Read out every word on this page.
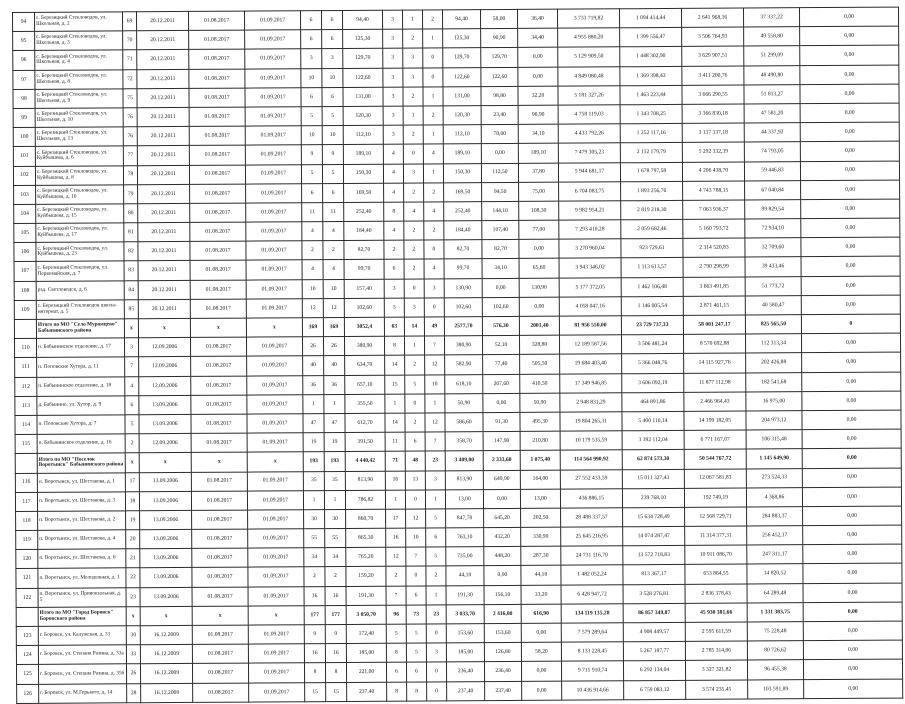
94	с. Березицкий Стекловодов, ул. Школьная, д. 2	69	20.12.2011	01.08.2017	01.09.2017	6	6	94,40	3	1	2	94,40	58,00	36,40	3 733 719,82	1 094 414,44	2 641 968,16	37 337,22	0,00
95	с. Березицкий Стекловодов, ул. Школьная, д. 3	70	20.12.2011	01.08.2017	01.09.2017	6	6	125,30	3	2	1	125,30	90,90	34,40	4 955 880,20	1 399 556,47	3 506 764,93	49 558,80	0,00
96	с. Березицкий Стекловодов, ул. Школьная, д. 4	71	20.12.2011	01.08.2017	01.09.2017	3	3	129,70	3	3	0	129,70	129,70	0,00	5 129 909,50	1 448 302,90	3 629 907,51	51 299,09	0,00
97	с. Березицкий Стекловодов, ул. Школьная, д. 8	72	20.12.2011	01.08.2017	01.09.2017	10	10	122,60	3	3	0	122,60	122,60	0,00	4 849 080,48	1 369 398,43	3 411 200,76	48 490,80	0,00
98	с. Березицкий Стекловодов, ул. Школьная, д. 9	75	20.12.2011	01.08.2017	01.09.2017	6	6	131,00	3	2	1	131,00	98,80	32,20	5 181 327,26	1 463 223,44	3 666 290,55	51 813,27	0,00
99	с. Березицкий Стекловодов, ул. Школьная, д. 10	76	20.12.2011	01.08.2017	01.09.2017	5	5	120,30	3	1	2	120,30	23,40	96,90	4 758 119,03	1 343 708,25	3 366 830,18	47 581,20	0,00
100	с. Березицкий Стекловодов, ул. Школьная, д. 13	76	20.12.2011	01.08.2017	01.09.2017	10	10	112,10	3	2	1	112,10	78,00	34,10	4 433 792,26	1 252 117,16	3 137 337,18	44 337,92	0,00
101	с. Березицкий Стекловодов, ул. Куйбышева, д. 6	77	20.12.2011	01.08.2017	01.09.2017	9	9	189,10	4	0	4	189,10	0,00	189,10	7 479 305,23	2 112 179,79	5 292 332,39	74 793,05	0,00
102	с. Березицкий Стекловодов, ул. Куйбышева, д. 8	78	20.12.2011	01.08.2017	01.09.2017	5	5	150,30	4	3	1	150,30	112,50	37,80	5 944 681,17	1 678 797,58	4 206 438,70	59 446,83	0,00
103	с. Березицкий Стекловодов, ул. Куйбышева, д. 10	79	20.12.2011	01.08.2017	01.09.2017	6	6	169,50	4	2	2	169,50	94,50	75,00	6 704 083,75	1 893 256,76	4 743 788,15	67 040,84	0,00
104	с. Березицкий Стекловодов, ул. Куйбышева, д. 15	80	20.12.2011	01.08.2017	01.09.2017	11	11	252,40	8	4	4	252,40	144,10	108,30	9 982 954,21	2 819 218,30	7 063 936,37	99 829,54	0,00
105	с. Березицкий Стекловодов, ул. Куйбышева, д. 17	81	20.12.2011	01.08.2017	01.09.2017	4	4	184,40	4	2	2	184,40	107,40	77,00	7 293 410,28	2 059 682,46	5 160 793,72	72 934,10	0,00
106	с. Березицкий Стекловодов, ул. Куйбышева, д. 23	82	20.12.2011	01.08.2017	01.09.2017	2	2	82,70	2	2	0	82,70	82,70	0,00	3 270 960,04	923 729,61	2 314 520,83	32 709,60	0,00
107	с. Березицкий Стекловодов, ул. Первомайская, д. 7	83	20.12.2011	01.08.2017	01.09.2017	4	4	99,70	6	2	4	99,70	34,10	65,60	3 943 346,02	1 113 613,57	2 790 298,99	39 433,46	0,00
108	рзд. Светловодск, д. 6	84	20.12.2011	01.08.2017	01.09.2017	10	10	157,40	3	0	3	130,90	0,00	130,90	5 177 372,05	1 462 106,48	3 663 491,85	51 773,72	0,00
109	с. Березицкий Стекловодов школа-интернат, д. 5	85	20.12.2011	01.08.2017	01.09.2017	12	12	102,60	3	3	0	102,60	102,60	0,00	4 058 047,16	1 146 005,54	2 871 461,15	40 580,47	0,00
	Итого по МО "Село Муромцево" Бабынинского района	x	x	x	x	169	169	3052,4	63	14	49	2577,70	576,30	2001,40	81 956 550,00	23 729 737,33	58 001 247,17	825 565,50	0
110	п. Бабынинское отделение, д. 17	3	12.09.2006	01.08.2017	01.09.2017	26	26	380,90	8	1	7	380,90	52,10	328,80	12 189 587,56	3 506 481,24	8 570 692,88	112 313,34	0,00
111	п. Поповские Хутора, д. 11	7	12.09.2006	01.08.2017	01.09.2017	40	40	634,70	14	2	12	582,90	77,40	505,50	19 684 403,40	5 366 048,76	14 115 927,76	202 426,88	0,00
112	п. Бабынинское отделение, д. 18	4	12.09.2006	01.08.2017	01.09.2017	36	36	657,10	15	5	10	618,10	207,60	410,50	17 349 946,85	3 606 092,19	11 877 112,98	182 541,68	0,00
113	д. Бабынино, ул. Хутор, д. 9	6	13.09.2006	01.08.2017	01.09.2017	1	1	355,50	1	0	1	50,90	0,00	50,90	2 948 831,29	464 891,86	2 466 964,43	16 975,00	0,00
114	п. Поповские Хутора, д. 7	5	13.09.2006	01.08.2017	01.09.2017	47	47	612,70	14	2	12	586,60	91,30	495,30	19 804 265,31	5 400 110,14	14 199 182,05	204 973,12	0,00
115	п. Бабынинское отделение, д. 16	2	12.09.2006	01.08.2017	01.09.2017	19	19	391,50	11	6	7	358,70	147,90	210,80	10 179 535,59	3 392 112,04	6 771 167,07	106 315,48	0,00
	Итого по МО "Поселок Воротынск" Бабынинского района	x	x	x	x	193	193	4 440,42	71	48	23	3 409,00	2 333,60	1 075,40	114 564 990,92	62 874 573,30	50 544 767,72	1 145 649,90	0,00
116	п. Воротынск, ул. Шестакова, д. 1	17	13.09.2006	01.08.2017	01.09.2017	35	35	813,90	16	13	3	813,90	649,90	164,00	27 552 433,59	15 011 327,43	12 067 581,83	273 524,33	0,00
117	п. Воротынск, ул. Шестакова, д. 3	18	13.09.2006	01.08.2017	01.09.2017	1	1	786,82	1	0	1	13,00	0,00	13,00	436 886,15	239 768,10	192 749,19	4 368,86	0,00
118	п. Воротынск, ул. Шестакова, д. 2	19	13.09.2006	01.08.2017	01.09.2017	30	30	860,70	17	12	5	847,70	645,20	202,50	28 488 337,57	15 634 728,49	12 568 729,71	284 883,37	0,00
119	п. Воротынск, ул. Шестакова, д. 4	20	13.09.2006	01.08.2017	01.09.2017	55	55	865,30	16	10	6	763,10	432,20	330,90	25 645 216,95	14 074 287,47	11 314 377,31	256 452,17	0,00
120	п. Воротынск, ул. Шестакова, д. 6	21	13.09.2006	01.08.2017	01.09.2017	34	34	765,20	12	7	5	735,00	448,20	287,30	24 731 116,70	13 572 718,83	10 911 086,70	247 311,17	0,00
121	п. Воротынск, ул. Молодежная, д. 1	22	13.09.2006	01.08.2017	01.09.2017	2	2	159,20	2	0	2	44,10	0,90	44,10	1 482 052,24	813 367,17	653 864,55	14 820,52	0,00
122	п. Воротынск, ул. Привокзальная, д. 5	23	13.09.2006	01.08.2017	01.09.2017	16	16	191,30	7	6	1	191,30	156,10	33,20	6 428 947,72	3 528 276,81	2 836 378,43	64 289,48	0,00
	Итого по МО "Город Боровск" Боровского района	x	x	x	x	177	177	3 050,70	96	73	23	3 033,70	2 416,80	616,90	134 119 135,28	86 857 349,87	45 930 381,66	1 331 383,75	0,00
123	г. Боровск, ул. Калужская, д. 31	30	16.12.2009	01.08.2017	01.09.2017	9	9	172,40	5	5	0	153,60	153,60	0,00	7 579 289,64	4 908 449,57	2 595 611,59	75 228,48	0,00
124	г. Боровск, ул. Степана Разина, д. 33а	33	16.12.2009	01.08.2017	01.09.2017	16	16	185,00	8	5	3	185,00	126,80	58,20	8 133 228,45	5 267 187,77	2 785 314,06	80 726,62	0,00
125	г. Боровск, ул. Степана Разина, д. 35б	26	16.12.2009	01.08.2017	01.09.2017	8	8	221,00	6	6	0	236,40	236,40	0,00	9 715 910,74	6 292 134,04	3 327 321,82	96 455,38	0,00
126	г. Боровск, ул. М.Горького, д. 14	28	16.12.2009	01.08.2017	01.09.2017	15	15	237,40	8	8	0	237,40	237,40	0,00	10 436 914,66	6 759 083,12	3 574 235,45	103 591,89	0,00
